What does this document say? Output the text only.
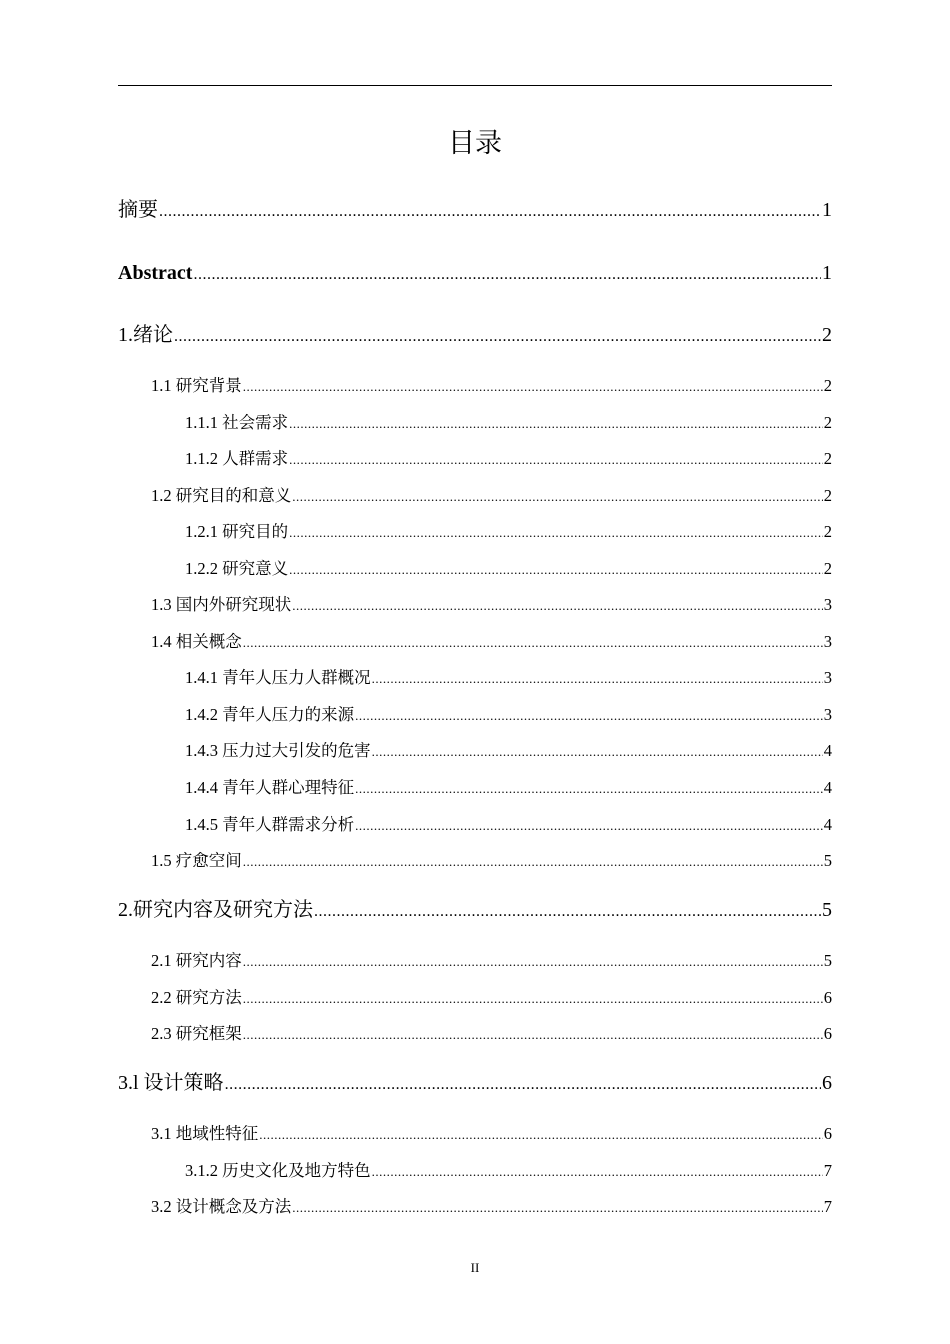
目录
摘要 .....	1
Abstract .....	1
1.绪论 .....	2
1.1 研究背景 .....	2
1.1.1 社会需求 .....	2
1.1.2 人群需求 .....	2
1.2 研究目的和意义 .....	2
1.2.1 研究目的 .....	2
1.2.2 研究意义 .....	2
1.3 国内外研究现状 .....	3
1.4 相关概念 .....	3
1.4.1 青年人压力人群概况 .....	3
1.4.2 青年人压力的来源 .....	3
1.4.3 压力过大引发的危害 .....	4
1.4.4 青年人群心理特征 .....	4
1.4.5 青年人群需求分析 .....	4
1.5 疗愈空间 .....	5
2.研究内容及研究方法 .....	5
2.1 研究内容 .....	5
2.2 研究方法 .....	6
2.3 研究框架 .....	6
3.l 设计策略 .....	6
3.1 地域性特征 .....	6
3.1.2 历史文化及地方特色 .....	7
3.2 设计概念及方法 .....	7
II
